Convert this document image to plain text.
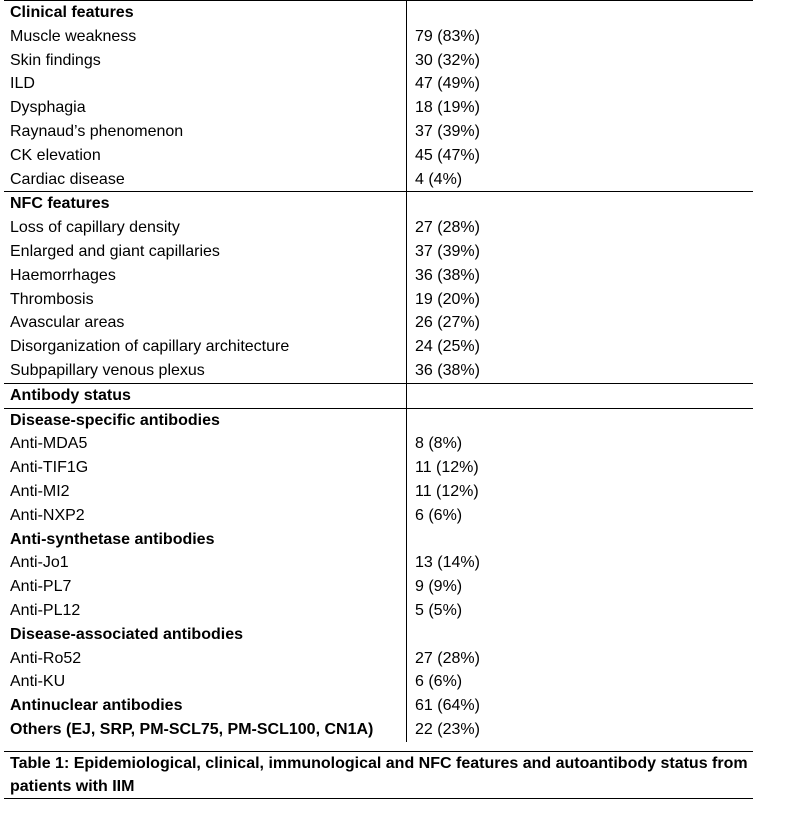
Clinical features
Muscle weakness	79 (83%)
Skin findings	30 (32%)
ILD	47 (49%)
Dysphagia	18 (19%)
Raynaud’s phenomenon	37 (39%)
CK elevation	45 (47%)
Cardiac disease	4 (4%)
NFC features
Loss of capillary density	27 (28%)
Enlarged and giant capillaries	37 (39%)
Haemorrhages	36 (38%)
Thrombosis	19 (20%)
Avascular areas	26 (27%)
Disorganization of capillary architecture	24 (25%)
Subpapillary venous plexus	36 (38%)
Antibody status
Disease-specific antibodies
Anti-MDA5	8 (8%)
Anti-TIF1G	11 (12%)
Anti-MI2	11 (12%)
Anti-NXP2	6 (6%)
Anti-synthetase antibodies
Anti-Jo1	13 (14%)
Anti-PL7	9 (9%)
Anti-PL12	5 (5%)
Disease-associated antibodies
Anti-Ro52	27 (28%)
Anti-KU	6 (6%)
Antinuclear antibodies	61 (64%)
Others (EJ, SRP, PM-SCL75, PM-SCL100, CN1A)	22 (23%)
Table 1: Epidemiological, clinical, immunological and NFC features and autoantibody status from patients with IIM
